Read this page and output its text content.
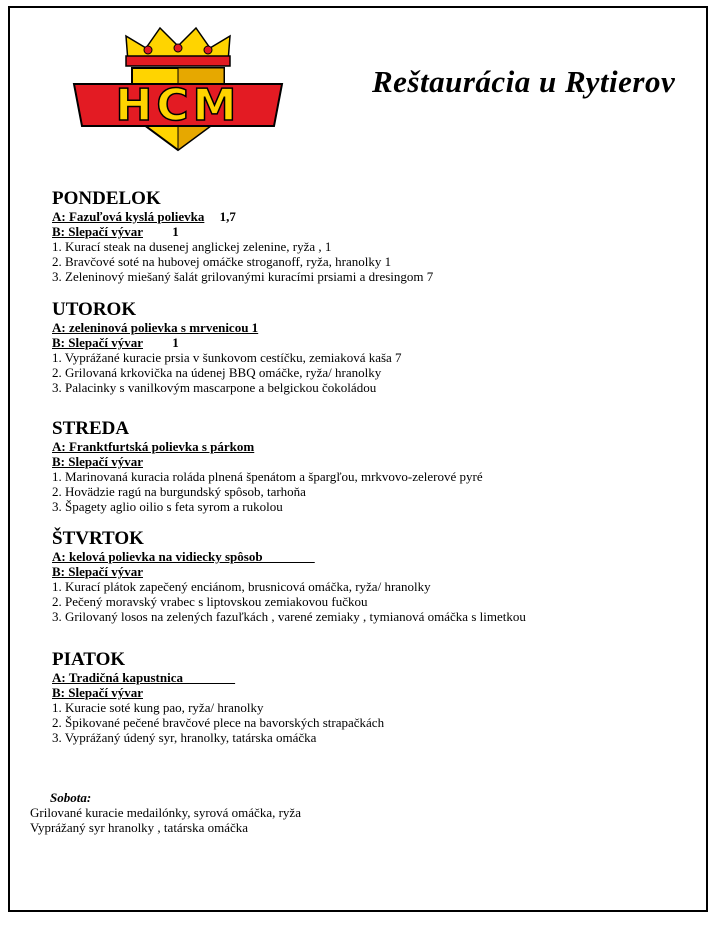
HCM	Reštaurácia u Rytierov
PONDELOK
A: Fazuľová kyslá polievka 1,7
B: Slepačí vývar 1
1. Kurací steak na dusenej anglickej zelenine, ryža , 1
2. Bravčové soté na hubovej omáčke stroganoff, ryža, hranolky 1
3. Zeleninový miešaný šalát grilovanými kuracími prsiami a dresingom 7
UTOROK
A: zeleninová polievka s mrvenicou 1
B: Slepačí vývar 1
1. Vyprážané kuracie prsia v šunkovom cestíčku, zemiaková kaša 7
2. Grilovaná krkovička na údenej BBQ omáčke, ryža/ hranolky
3. Palacinky s vanilkovým mascarpone a belgickou čokoládou
STREDA
A: Franktfurtská polievka s párkom
B: Slepačí vývar
1. Marinovaná kuracia roláda plnená špenátom a špargľou, mrkvovo-zelerové pyré
2. Hovädzie ragú na burgundský spôsob, tarhoňa
3. Špagety aglio oilio s feta syrom a rukolou
ŠTVRTOK
A: kelová polievka na vidiecky spôsob________
B: Slepačí vývar
1. Kurací plátok zapečený enciánom, brusnicová omáčka, ryža/ hranolky
2. Pečený moravský vrabec s liptovskou zemiakovou fučkou
3. Grilovaný losos na zelených fazuľkách , varené zemiaky , tymianová omáčka s limetkou
PIATOK
A: Tradičná kapustnica________
B: Slepačí vývar
1. Kuracie soté kung pao, ryža/ hranolky
2. Špikované pečené bravčové plece na bavorských strapačkách
3. Vyprážaný údený syr, hranolky, tatárska omáčka
Sobota:
Grilované kuracie medailónky, syrová omáčka, ryža
Vyprážaný syr hranolky , tatárska omáčka
